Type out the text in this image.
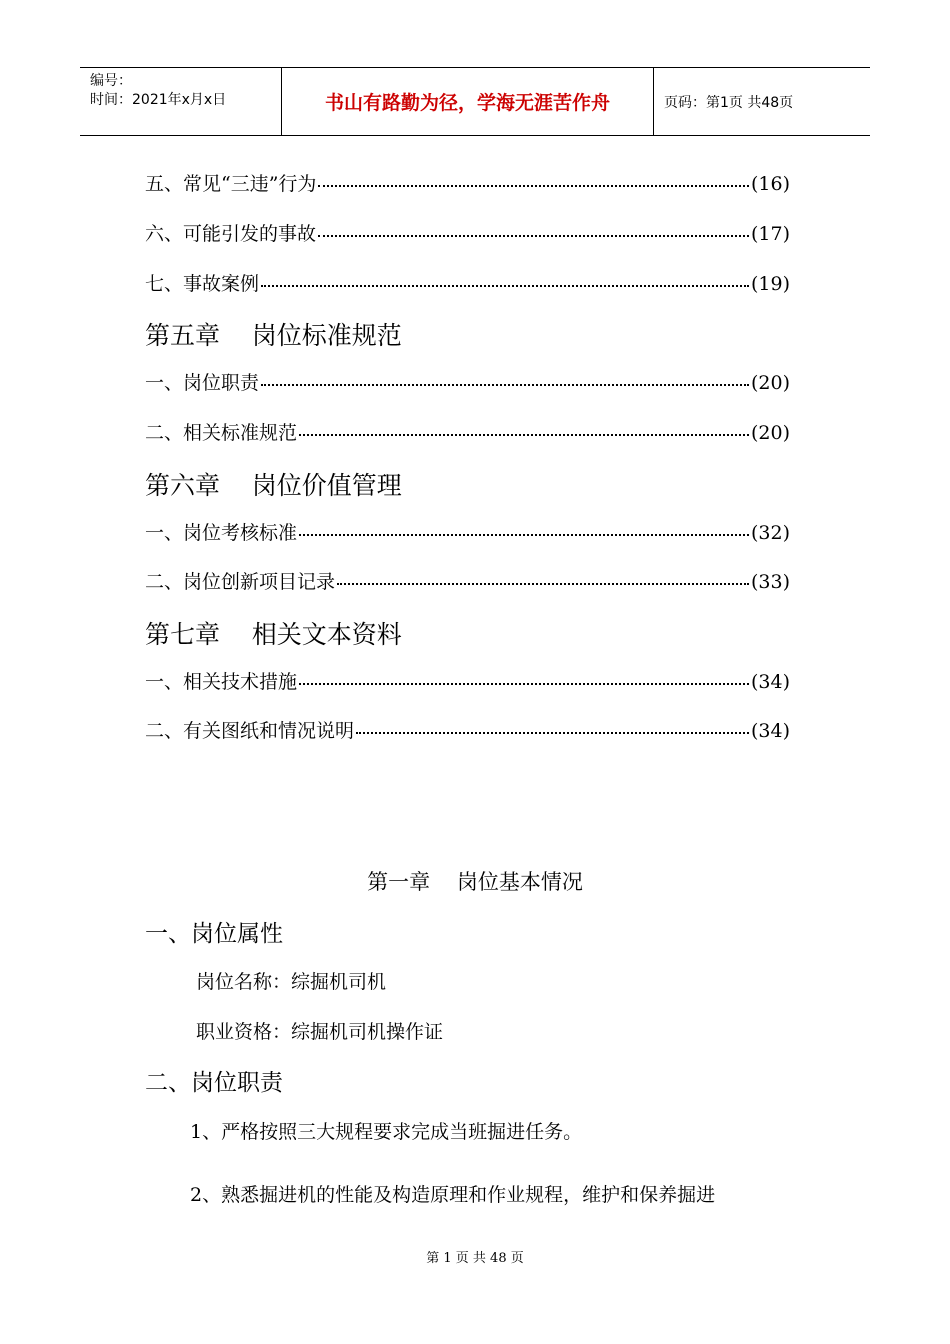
编号：
时间：2021年x月x日	书山有路勤为径，学海无涯苦作舟	页码：第1页 共48页
五、常见“三违”行为	(16)
六、可能引发的事故	(17)
七、事故案例	(19)
第五章    岗位标准规范
一、岗位职责	(20)
二、相关标准规范	(20)
第六章    岗位价值管理
一、岗位考核标准	(32)
二、岗位创新项目记录	(33)
第七章    相关文本资料
一、相关技术措施	(34)
二、有关图纸和情况说明	(34)
第一章    岗位基本情况
一、岗位属性
岗位名称：综掘机司机
职业资格：综掘机司机操作证
二、岗位职责
1、严格按照三大规程要求完成当班掘进任务。
2、熟悉掘进机的性能及构造原理和作业规程，维护和保养掘进
第 1 页 共 48 页
